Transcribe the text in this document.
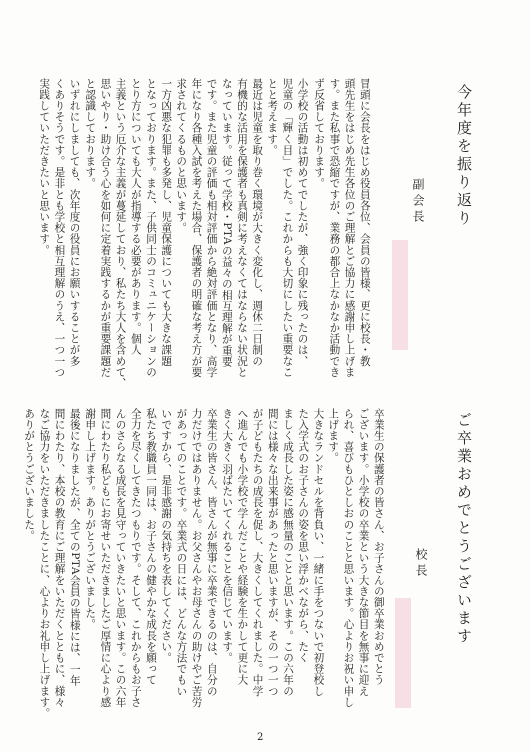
今年度を振り返り
副会長
冒頭に会長をはじめ役員各位、会員の皆様、更に校長・教
頭先生をはじめ先生各位のご理解とご協力に感謝申し上げま
す。また私事で恐縮ですが、業務の都合上なかなか活動でき
ず反省しております。
小学校の活動は初めてでしたが、強く印象に残ったのは、
児童の「輝く目」でした。これからも大切にしたい重要なこ
とと考えます。
最近は児童を取り巻く環境が大きく変化し、週休二日制の
有機的な活用を保護者も真剣に考えなくてはならない状況と
なっています。従って学校・PTAの益々の相互理解が重要
です。また児童の評価も相対評価から絶対評価となり、高学
年になり各種入試を考えた場合、保護者の明確な考え方が要
求されてくるものと思います。
一方凶悪な犯罪も多発し、児童保護についても大きな課題
となっております。また、子供同士のコミュニケーションの
とり方についても大人が指導する必要があります。個人
主義という厄介な主義が蔓延しており、私たち大人を含めて、
思いやり・助け合う心を如何に定着実践するかが重要課題だ
と認識しております。
いずれにしましても、次年度の役員にお願いすることが多
くありそうです。是非とも学校と相互理解のうえ、一つ一つ
実践していただきたいと思います。
ご卒業おめでとうございます
校長
卒業生の保護者の皆さん、お子さんの御卒業おめでとう
ございます。小学校の卒業という大きな節目を無事に迎え
られ、喜びもひとしおのことと思います。心よりお祝い申し
上げます。
大きなランドセルを背負い、一緒に手をつないで初登校し
た入学式のお子さんの姿を思い浮かべながら、たく
ましく成長した姿に感無量のことと思います。この六年の
間には様々な出来事があったと思いますが、その一つ一つ
が子どもたちの成長を促し、大きくしてくれました。中学
へ進んでも小学校で学んだことや経験を生かして更に大
きく大きく羽ばたいてくれることを信じています。
卒業生の皆さん、皆さんが無事に卒業できるのは、自分の
力だけではありません。お父さんやお母さんの助けやご苦労
があってのことです。卒業式の日には、どんな方法でもい
いですから、是非感謝の気持ちを表してください。
私たち教職員一同は、お子さんの健やかな成長を願って
全力を尽くしてきたつもりです。そして、これからもお子さ
んのさらなる成長を見守っていきたいと思います。この六年
間にわたり私どもにお寄せいただきましたご厚情に心より感
謝申し上げます。ありがとうございました。
最後になりましたが、全てのPTA会員の皆様には、一年
間にわたり、本校の教育にご理解をいただくとともに、様々
なご協力をいただきましたことに、心よりお礼申し上げます。
ありがとうございました。
2
